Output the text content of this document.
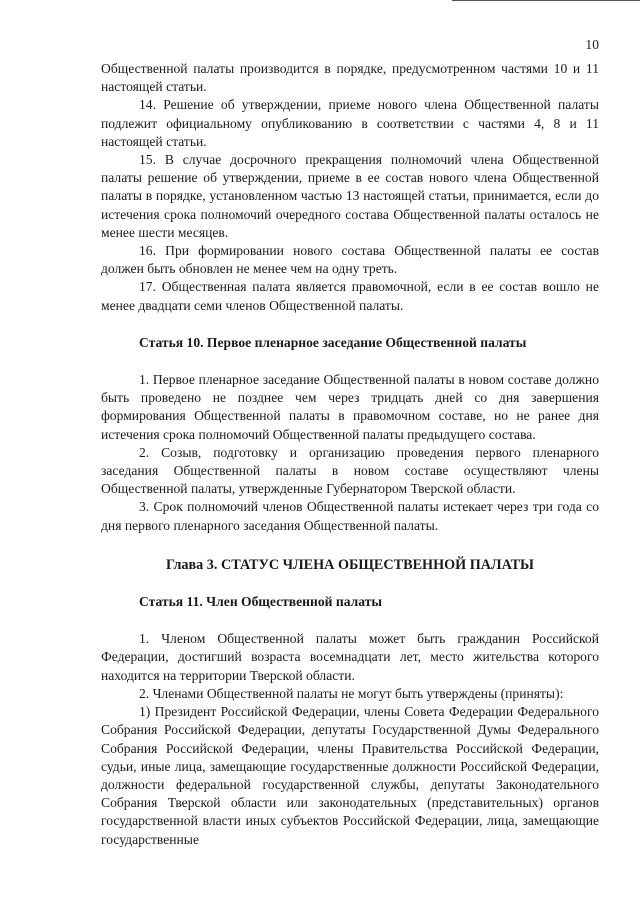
10

Общественной палаты производится в порядке, предусмотренном частями 10 и 11 настоящей статьи.

14. Решение об утверждении, приеме нового члена Общественной палаты подлежит официальному опубликованию в соответствии с частями 4, 8 и 11 настоящей статьи.

15. В случае досрочного прекращения полномочий члена Общественной палаты решение об утверждении, приеме в ее состав нового члена Общественной палаты в порядке, установленном частью 13 настоящей статьи, принимается, если до истечения срока полномочий очередного состава Общественной палаты осталось не менее шести месяцев.

16. При формировании нового состава Общественной палаты ее состав должен быть обновлен не менее чем на одну треть.

17. Общественная палата является правомочной, если в ее состав вошло не менее двадцати семи членов Общественной палаты.

Статья 10. Первое пленарное заседание Общественной палаты

1. Первое пленарное заседание Общественной палаты в новом составе должно быть проведено не позднее чем через тридцать дней со дня завершения формирования Общественной палаты в правомочном составе, но не ранее дня истечения срока полномочий Общественной палаты предыдущего состава.

2. Созыв, подготовку и организацию проведения первого пленарного заседания Общественной палаты в новом составе осуществляют члены Общественной палаты, утвержденные Губернатором Тверской области.

3. Срок полномочий членов Общественной палаты истекает через три года со дня первого пленарного заседания Общественной палаты.

Глава 3. СТАТУС ЧЛЕНА ОБЩЕСТВЕННОЙ ПАЛАТЫ
Статья 11. Член Общественной палаты

1. Членом Общественной палаты может быть гражданин Российской Федерации, достигший возраста восемнадцати лет, место жительства которого находится на территории Тверской области.

2. Членами Общественной палаты не могут быть утверждены (приняты):

1) Президент Российской Федерации, члены Совета Федерации Федерального Собрания Российской Федерации, депутаты Государственной Думы Федерального Собрания Российской Федерации, члены Правительства Российской Федерации, судьи, иные лица, замещающие государственные должности Российской Федерации, должности федеральной государственной службы, депутаты Законодательного Собрания Тверской области или законодательных (представительных) органов государственной власти иных субъектов Российской Федерации, лица, замещающие государственные
